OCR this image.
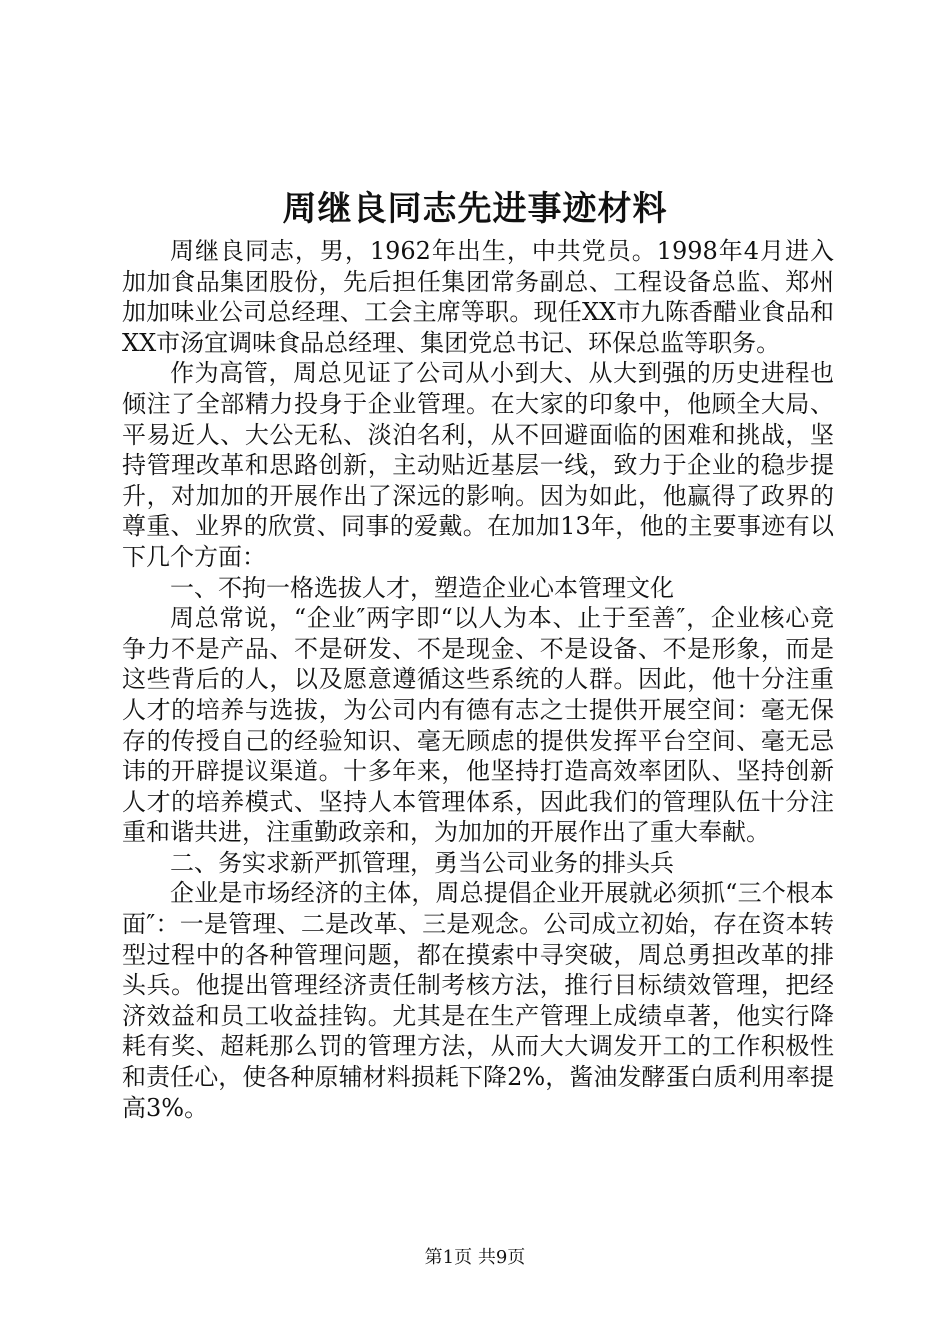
周继良同志先进事迹材料

周继良同志，男，1962年出生，中共党员。1998年4月进入加加食品集团股份，先后担任集团常务副总、工程设备总监、郑州加加味业公司总经理、工会主席等职。现任XX市九陈香醋业食品和XX市汤宜调味食品总经理、集团党总书记、环保总监等职务。

作为高管，周总见证了公司从小到大、从大到强的历史进程也倾注了全部精力投身于企业管理。在大家的印象中，他顾全大局、平易近人、大公无私、淡泊名利，从不回避面临的困难和挑战，坚持管理改革和思路创新，主动贴近基层一线，致力于企业的稳步提升，对加加的开展作出了深远的影响。因为如此，他赢得了政界的尊重、业界的欣赏、同事的爱戴。在加加13年，他的主要事迹有以下几个方面：

一、不拘一格选拔人才，塑造企业心本管理文化

周总常说，“企业″两字即“以人为本、止于至善″，企业核心竞争力不是产品、不是研发、不是现金、不是设备、不是形象，而是这些背后的人，以及愿意遵循这些系统的人群。因此，他十分注重人才的培养与选拔，为公司内有德有志之士提供开展空间：毫无保存的传授自己的经验知识、毫无顾虑的提供发挥平台空间、毫无忌讳的开辟提议渠道。十多年来，他坚持打造高效率团队、坚持创新人才的培养模式、坚持人本管理体系，因此我们的管理队伍十分注重和谐共进，注重勤政亲和，为加加的开展作出了重大奉献。

二、务实求新严抓管理，勇当公司业务的排头兵

企业是市场经济的主体，周总提倡企业开展就必须抓“三个根本面″：一是管理、二是改革、三是观念。公司成立初始，存在资本转型过程中的各种管理问题，都在摸索中寻突破，周总勇担改革的排头兵。他提出管理经济责任制考核方法，推行目标绩效管理，把经济效益和员工收益挂钩。尤其是在生产管理上成绩卓著，他实行降耗有奖、超耗那么罚的管理方法，从而大大调发开工的工作积极性和责任心，使各种原辅材料损耗下降2%，酱油发酵蛋白质利用率提高3%。

第1页 共9页
